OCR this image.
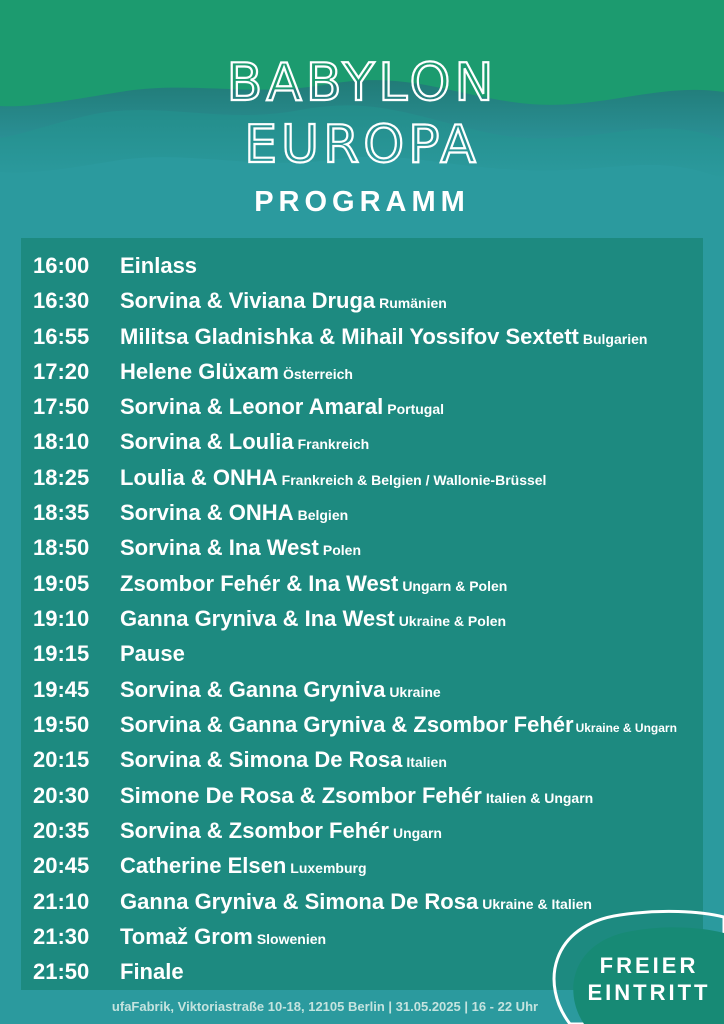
BABYLON
EUROPA
PROGRAMM
16:00 Einlass
16:30 Sorvina & Viviana Druga Rumänien
16:55 Militsa Gladnishka & Mihail Yossifov Sextett Bulgarien
17:20 Helene Glüxam Österreich
17:50 Sorvina & Leonor Amaral Portugal
18:10 Sorvina & Loulia Frankreich
18:25 Loulia & ONHA Frankreich & Belgien / Wallonie-Brüssel
18:35 Sorvina & ONHA Belgien
18:50 Sorvina & Ina West Polen
19:05 Zsombor Fehér & Ina West Ungarn & Polen
19:10 Ganna Gryniva & Ina West Ukraine & Polen
19:15 Pause
19:45 Sorvina & Ganna Gryniva Ukraine
19:50 Sorvina & Ganna Gryniva & Zsombor Fehér Ukraine & Ungarn
20:15 Sorvina & Simona De Rosa Italien
20:30 Simone De Rosa & Zsombor Fehér Italien & Ungarn
20:35 Sorvina & Zsombor Fehér Ungarn
20:45 Catherine Elsen Luxemburg
21:10 Ganna Gryniva & Simona De Rosa Ukraine & Italien
21:30 Tomaž Grom Slowenien
21:50 Finale
ufaFabrik, Viktoriastraße 10-18, 12105 Berlin | 31.05.2025 | 16 - 22 Uhr
FREIER
EINTRITT
